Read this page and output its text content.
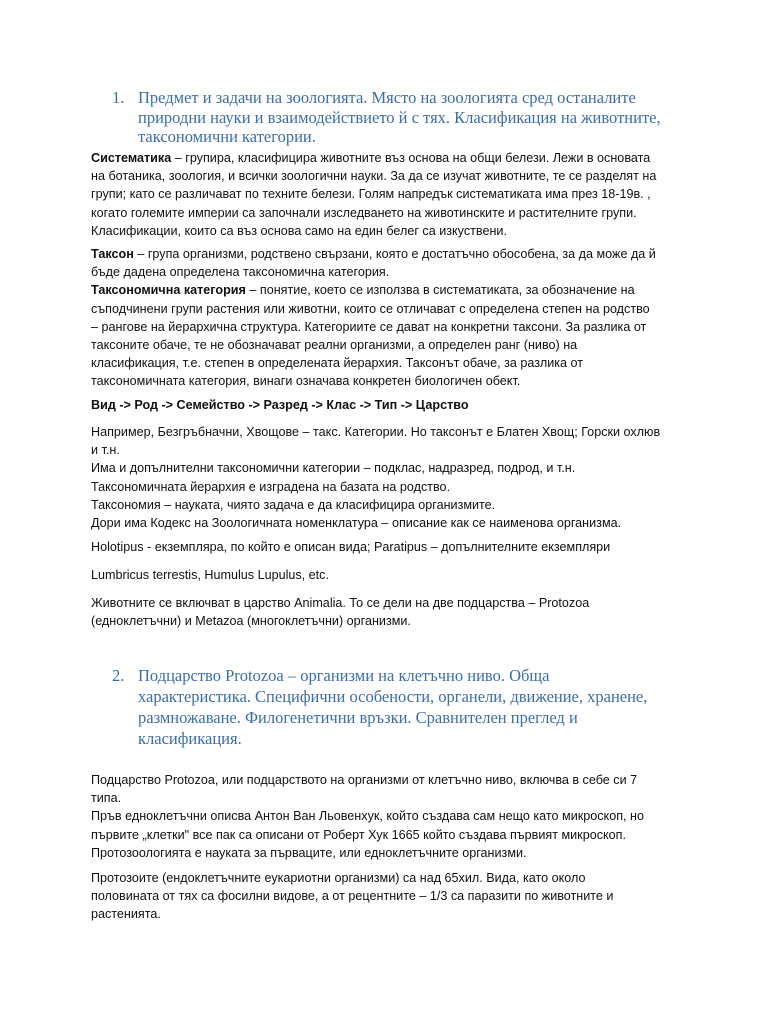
1. Предмет и задачи на зоологията. Място на зоологията сред останалите
природни науки и взаимодействието й с тях. Класификация на животните,
таксономични категории.

Систематика – групира, класифицира животните въз основа на общи белези. Лежи в основата
на ботаника, зоология, и всички зоологични науки. За да се изучат животните, те се разделят на
групи; като се различават по техните белези. Голям напредък систематиката има през 18-19в. ,
когато големите империи са започнали изследването на животинските и растителните групи.
Класификации, които са въз основа само на един белег са изкуствени.

Таксон – група организми, родствено свързани, която е достатъчно обособена, за да може да й
бъде дадена определена таксономична категория.
Таксономична категория – понятие, което се използва в систематиката, за обозначение на
съподчинени групи растения или животни, които се отличават с определена степен на родство
– рангове на йерархична структура. Категориите се дават на конкретни таксони. За разлика от
таксоните обаче, те не обозначават реални организми, а определен ранг (ниво) на
класификация, т.е. степен в определената йерархия. Таксонът обаче, за разлика от
таксономичната категория, винаги означава конкретен биологичен обект.

Вид -> Род -> Семейство -> Разред -> Клас -> Тип -> Царство

Например, Безгръбначни, Хвощове – такс. Категории. Но таксонът е Блатен Хвощ; Горски охлюв
и т.н.
Има и допълнителни таксономични категории – подклас, надразред, подрод, и т.н.
Таксономичната йерархия е изградена на базата на родство.
Таксономия – науката, чиято задача е да класифицира организмите.
Дори има Кодекс на Зоологичната номенклатура – описание как се наименова организма.

Holotipus - екземпляра, по който е описан вида; Paratipus – допълнителните екземпляри

Lumbricus terrestis, Humulus Lupulus, etc.

Животните се включват в царство Animalia. То се дели на две подцарства – Protozoa
(едноклетъчни) и Metazoa (многоклетъчни) организми.

2. Подцарство Protozoa – организми на клетъчно ниво. Обща
характеристика. Специфични особености, органели, движение, хранене,
размножаване. Филогенетични връзки. Сравнителен преглед и
класификация.

Подцарство Protozoa, или подцарството на организми от клетъчно ниво, включва в себе си 7
типа.
Пръв едноклетъчни описва Антон Ван Льовенхук, който създава сам нещо като микроскоп, но
първите „клетки" все пак са описани от Роберт Хук 1665 който създава първият микроскоп.
Протозоологията е науката за първаците, или едноклетъчните организми.

Протозоите (ендоклетъчните еукариотни организми) са над 65хил. Вида, като около
половината от тях са фосилни видове, а от рецентните – 1/3 са паразити по животните и
растенията.
